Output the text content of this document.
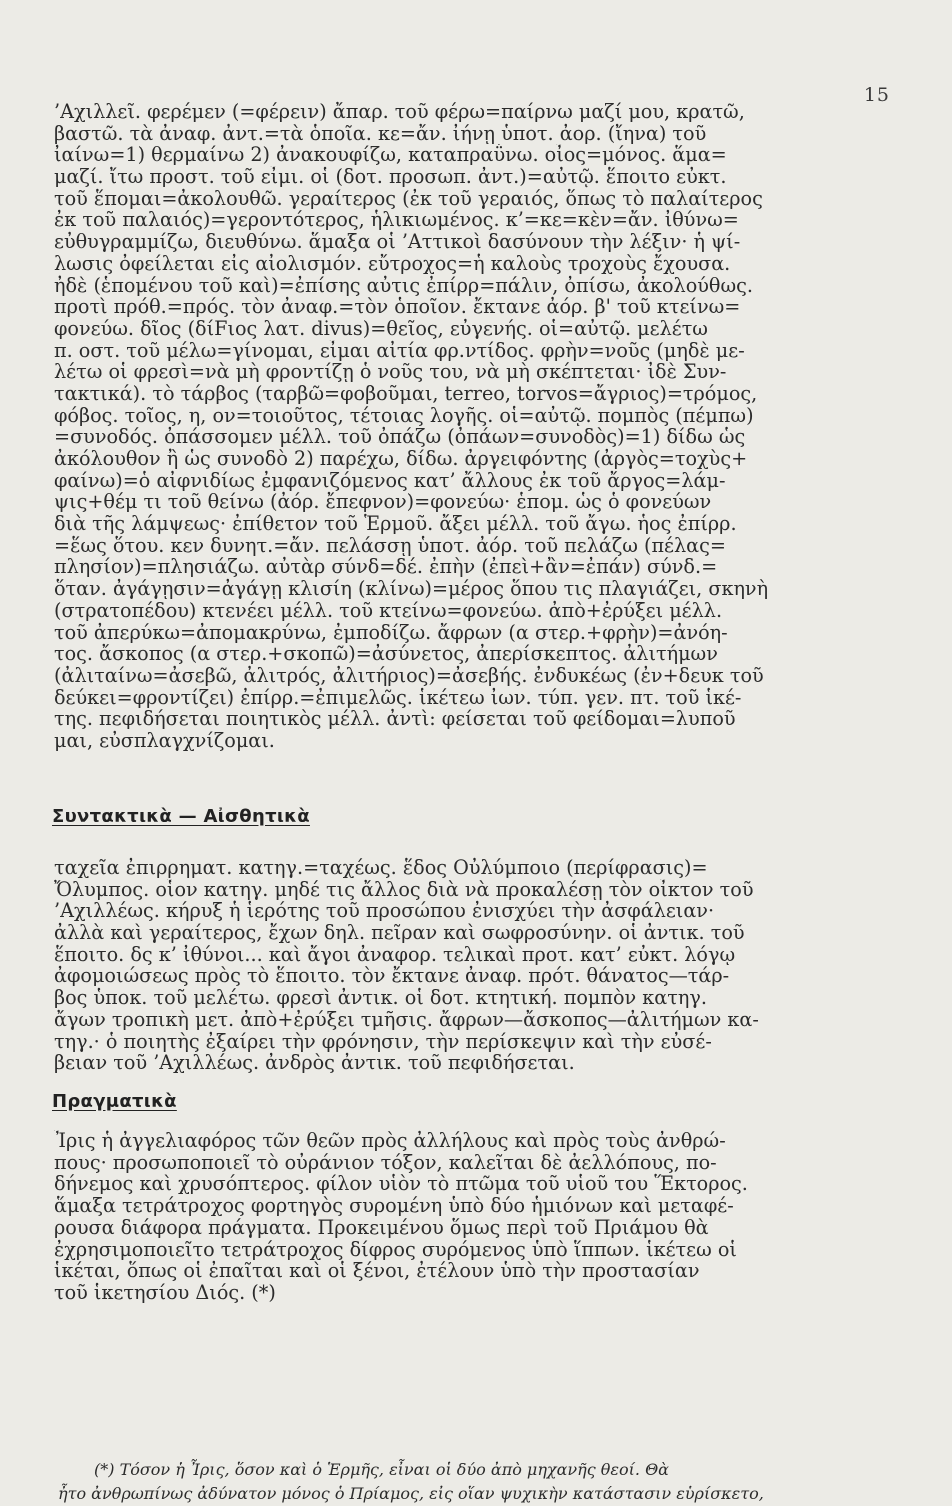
15

’Αχιλλεῖ. φερέμεν (=φέρειν) ἄπαρ. τοῦ φέρω=παίρνω μαζί μου, κρατῶ,

βαστῶ. τὰ ἀναφ. ἀντ.=τὰ ὁποῖα. κε=ἄν. ἰήνῃ ὑποτ. ἀορ. (ἴηνα) τοῦ

ἰαίνω=1) θερμαίνω 2) ἀνακουφίζω, καταπραΰνω. οἶος=μόνος. ἅμα=

μαζί. ἴτω προστ. τοῦ εἶμι. οἱ (δοτ. προσωπ. ἀντ.)=αὐτῷ. ἕποιτο εὐκτ.

τοῦ ἕπομαι=ἀκολουθῶ. γεραίτερος (ἐκ τοῦ γεραιός, ὅπως τὸ παλαίτερος

ἐκ τοῦ παλαιός)=γεροντότερος, ἡλικιωμένος. κ’=κε=κὲν=ἄν. ἰθύνω=

εὐθυγραμμίζω, διευθύνω. ἅμαξα οἱ ’Αττικοὶ δασύνουν τὴν λέξιν· ἡ ψί-

λωσις ὀφείλεται εἰς αἰολισμόν. εὔτροχος=ἡ καλοὺς τροχοὺς ἔχουσα.

ἠδὲ (ἑπομένου τοῦ καὶ)=ἐπίσης αὖτις ἐπίρρ=πάλιν, ὀπίσω, ἀκολούθως.

προτὶ πρόθ.=πρός. τὸν ἀναφ.=τὸν ὁποῖον. ἔκτανε ἀόρ. β' τοῦ κτείνω=

φονεύω. δῖος (δίFιος λατ. divus)=θεῖος, εὐγενής. οἱ=αὐτῷ. μελέτω

π. οστ. τοῦ μέλω=γίνομαι, εἶμαι αἰτία φρ.ντίδος. φρὴν=νοῦς (μηδὲ με-

λέτω οἱ φρεσὶ=νὰ μὴ φροντίζῃ ὁ νοῦς του, νὰ μὴ σκέπτεται· ἰδὲ Συν-

τακτικά). τὸ τάρβος (ταρβῶ=φοβοῦμαι, terreo, torvos=ἄγριος)=τρόμος,

φόβος. τοῖος, η, ον=τοιοῦτος, τέτοιας λογῆς. οἱ=αὐτῷ. πομπὸς (πέμπω)

=συνοδός. ὀπάσσομεν μέλλ. τοῦ ὀπάζω (ὀπάων=συνοδὸς)=1) δίδω ὡς

ἀκόλουθον ἢ ὡς συνοδὸ 2) παρέχω, δίδω. ἀργειφόντης (ἀργὸς=τοχὺς+

φαίνω)=ὁ αἰφνιδίως ἐμφανιζόμενος κατ’ ἄλλους ἐκ τοῦ ἄργος=λάμ-

ψις+θέμ τι τοῦ θείνω (ἀόρ. ἔπεφνον)=φονεύω· ἑπομ. ὡς ὁ φονεύων

διὰ τῆς λάμψεως· ἐπίθετον τοῦ Ἑρμοῦ. ἄξει μέλλ. τοῦ ἄγω. ἧος ἐπίρρ.

=ἕως ὅτου. κεν δυνητ.=ἄν. πελάσσῃ ὑποτ. ἀόρ. τοῦ πελάζω (πέλας=

πλησίον)=πλησιάζω. αὐτὰρ σύνδ=δέ. ἐπὴν (ἐπεὶ+ἂν=ἐπάν) σύνδ.=

ὅταν. ἀγάγῃσιν=ἀγάγῃ κλισίη (κλίνω)=μέρος ὅπου τις πλαγιάζει, σκηνὴ

(στρατοπέδου) κτενέει μέλλ. τοῦ κτείνω=φονεύω. ἀπὸ+ἐρύξει μέλλ.

τοῦ ἀπερύκω=ἀπομακρύνω, ἐμποδίζω. ἄφρων (α στερ.+φρὴν)=ἀνόη-

τος. ἄσκοπος (α στερ.+σκοπῶ)=ἀσύνετος, ἀπερίσκεπτος. ἀλιτήμων

(ἀλιταίνω=ἀσεβῶ, ἀλιτρός, ἀλιτήριος)=ἀσεβής. ἐνδυκέως (ἐν+δευκ τοῦ

δεύκει=φροντίζει) ἐπίρρ.=ἐπιμελῶς. ἱκέτεω ἰων. τύπ. γεν. πτ. τοῦ ἱκέ-

της. πεφιδήσεται ποιητικὸς μέλλ. ἀντὶ: φείσεται τοῦ φείδομαι=λυποῦ

μαι, εὐσπλαγχνίζομαι.

Συντακτικὰ — Αἰσθητικὰ

ταχεῖα ἐπιρρηματ. κατηγ.=ταχέως. ἕδος Οὐλύμποιο (περίφρασις)=

Ὄλυμπος. οἷον κατηγ. μηδέ τις ἄλλος διὰ νὰ προκαλέσῃ τὸν οἶκτον τοῦ

’Αχιλλέως. κήρυξ ἡ ἱερότης τοῦ προσώπου ἐνισχύει τὴν ἀσφάλειαν·

ἀλλὰ καὶ γεραίτερος, ἔχων δηλ. πεῖραν καὶ σωφροσύνην. οἱ ἀντικ. τοῦ

ἕποιτο. δς κ’ ἰθύνοι... καὶ ἄγοι ἀναφορ. τελικαὶ προτ. κατ’ εὐκτ. λόγῳ

ἀφομοιώσεως πρὸς τὸ ἕποιτο. τὸν ἔκτανε ἀναφ. πρότ. θάνατος—τάρ-

βος ὑποκ. τοῦ μελέτω. φρεσὶ ἀντικ. οἱ δοτ. κτητική. πομπὸν κατηγ.

ἄγων τροπικὴ μετ. ἀπὸ+ἐρύξει τμῆσις. ἄφρων—ἄσκοπος—ἀλιτήμων κα-

τηγ.· ὁ ποιητὴς ἐξαίρει τὴν φρόνησιν, τὴν περίσκεψιν καὶ τὴν εὐσέ-

βειαν τοῦ ’Αχιλλέως. ἀνδρὸς ἀντικ. τοῦ πεφιδήσεται.

Πραγματικὰ

Ἶρις ἡ ἀγγελιαφόρος τῶν θεῶν πρὸς ἀλλήλους καὶ πρὸς τοὺς ἀνθρώ-

πους· προσωποποιεῖ τὸ οὐράνιον τόξον, καλεῖται δὲ ἀελλόπους, πο-

δήνεμος καὶ χρυσόπτερος. φίλον υἱὸν τὸ πτῶμα τοῦ υἱοῦ του Ἕκτορος.

ἅμαξα τετράτροχος φορτηγὸς συρομένη ὑπὸ δύο ἡμιόνων καὶ μεταφέ-

ρουσα διάφορα πράγματα. Προκειμένου ὅμως περὶ τοῦ Πριάμου θὰ

ἐχρησιμοποιεῖτο τετράτροχος δίφρος συρόμενος ὑπὸ ἵππων. ἱκέτεω οἱ

ἱκέται, ὅπως οἱ ἐπαῖται καὶ οἱ ξένοι, ἐτέλουν ὑπὸ τὴν προστασίαν

τοῦ ἱκετησίου Διός. (*)

(*) Τόσον ἡ Ἶρις, ὅσον καὶ ὁ Ἑρμῆς, εἶναι οἱ δύο ἀπὸ μηχανῆς θεοί. Θὰ

ἦτο ἀνθρωπίνως ἀδύνατον μόνος ὁ Πρίαμος, εἰς οἵαν ψυχικὴν κατάστασιν εὑρίσκετο,
